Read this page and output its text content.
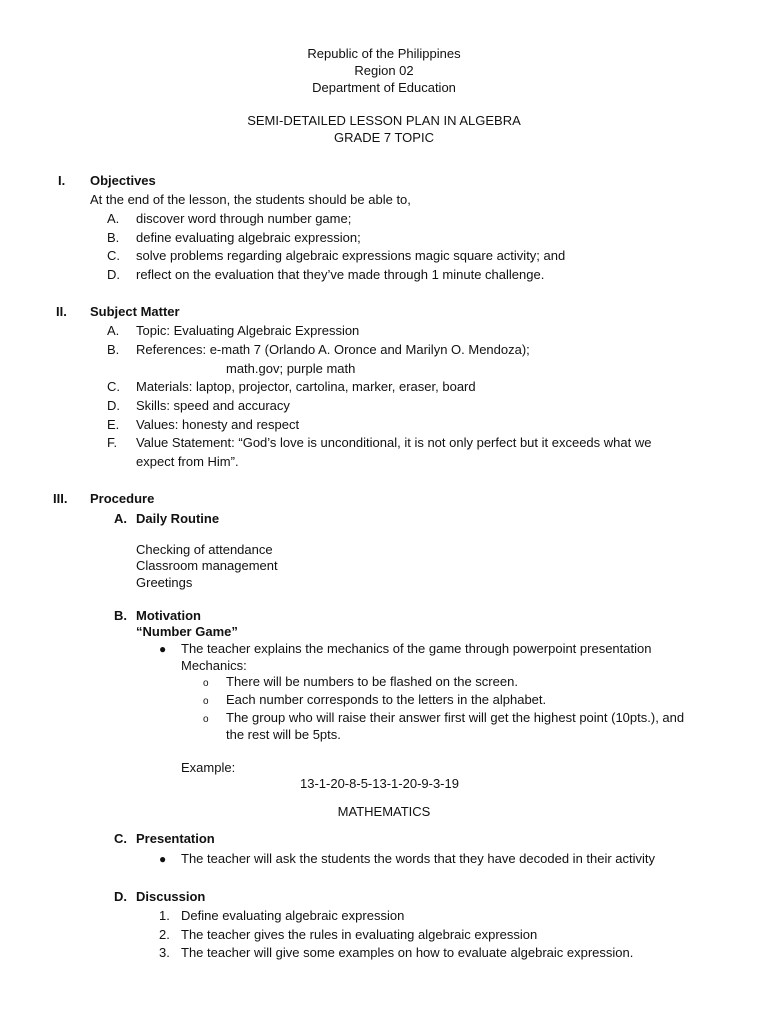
Republic of the Philippines
Region 02
Department of Education
SEMI-DETAILED LESSON PLAN IN ALGEBRA
GRADE 7 TOPIC
I. Objectives
At the end of the lesson, the students should be able to,
A. discover word through number game;
B. define evaluating algebraic expression;
C. solve problems regarding algebraic expressions magic square activity; and
D. reflect on the evaluation that they’ve made through 1 minute challenge.
II. Subject Matter
A. Topic: Evaluating Algebraic Expression
B. References: e-math 7 (Orlando A. Oronce and Marilyn O. Mendoza);
math.gov; purple math
C. Materials: laptop, projector, cartolina, marker, eraser, board
D. Skills: speed and accuracy
E. Values: honesty and respect
F. Value Statement: “God’s love is unconditional, it is not only perfect but it exceeds what we
expect from Him”.
III. Procedure
A. Daily Routine
Checking of attendance
Classroom management
Greetings
B. Motivation
“Number Game”
● The teacher explains the mechanics of the game through powerpoint presentation
Mechanics:
o There will be numbers to be flashed on the screen.
o Each number corresponds to the letters in the alphabet.
o The group who will raise their answer first will get the highest point (10pts.), and
the rest will be 5pts.
Example:
13-1-20-8-5-13-1-20-9-3-19
MATHEMATICS
C. Presentation
● The teacher will ask the students the words that they have decoded in their activity
D. Discussion
1. Define evaluating algebraic expression
2. The teacher gives the rules in evaluating algebraic expression
3. The teacher will give some examples on how to evaluate algebraic expression.
